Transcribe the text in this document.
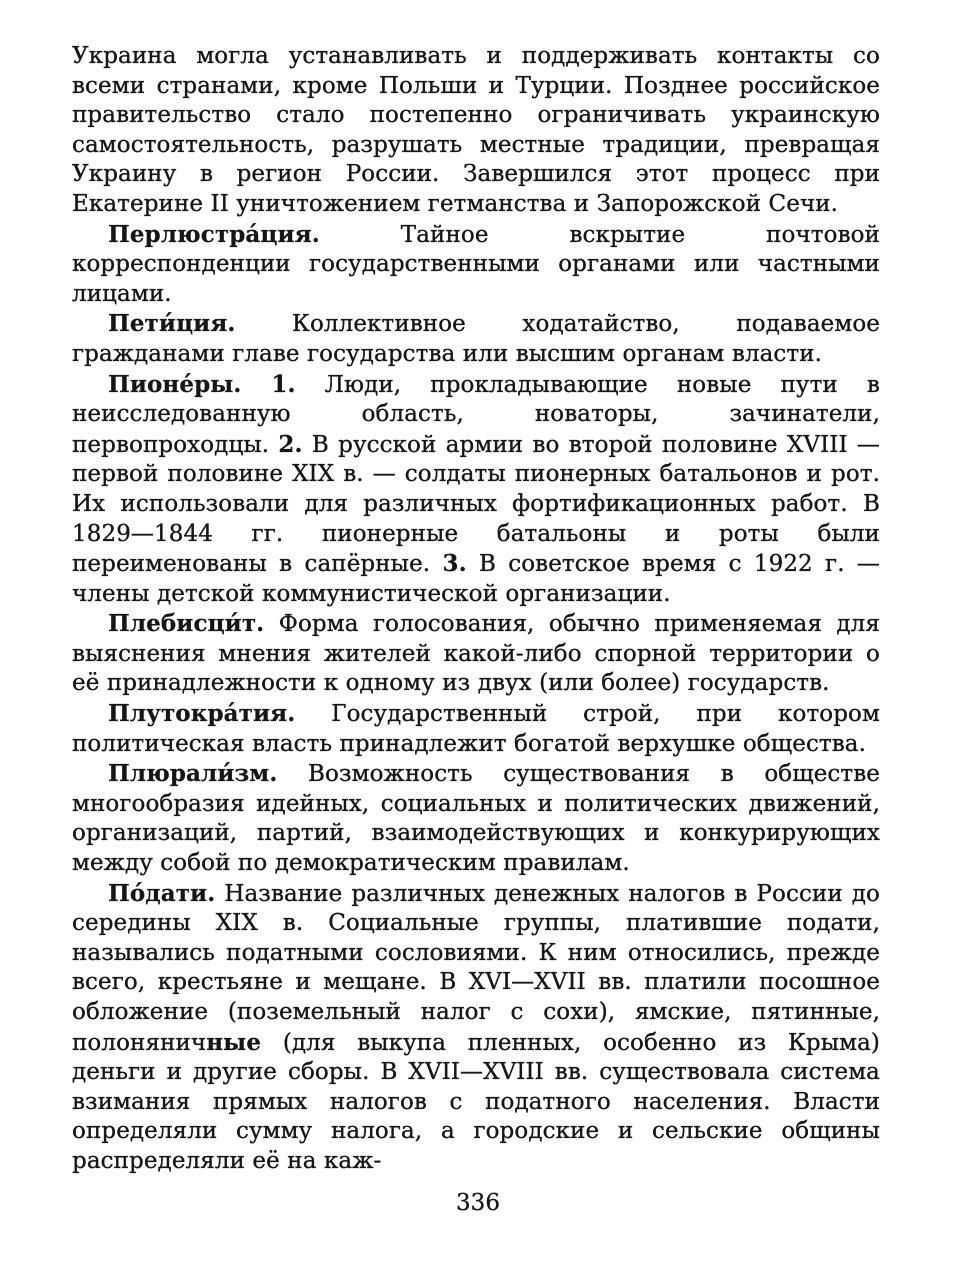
Украина могла устанавливать и поддерживать контакты со всеми странами, кроме Польши и Турции. Позднее российское правительство стало постепенно ограничивать украинскую самостоятельность, разрушать местные традиции, превращая Украину в регион России. Завершился этот процесс при Екатерине II уничтожением гетманства и Запорожской Сечи.

Перлюстра́ция. Тайное вскрытие почтовой корреспонденции государственными органами или частными лицами.

Пети́ция. Коллективное ходатайство, подаваемое гражданами главе государства или высшим органам власти.

Пионе́ры. 1. Люди, прокладывающие новые пути в неисследованную область, новаторы, зачинатели, первопроходцы. 2. В русской армии во второй половине XVIII — первой половине XIX в. — солдаты пионерных батальонов и рот. Их использовали для различных фортификационных работ. В 1829—1844 гг. пионерные батальоны и роты были переименованы в сапёрные. 3. В советское время с 1922 г. — члены детской коммунистической организации.

Плебисци́т. Форма голосования, обычно применяемая для выяснения мнения жителей какой-либо спорной территории о её принадлежности к одному из двух (или более) государств.

Плутокра́тия. Государственный строй, при котором политическая власть принадлежит богатой верхушке общества.

Плюрали́зм. Возможность существования в обществе многообразия идейных, социальных и политических движений, организаций, партий, взаимодействующих и конкурирующих между собой по демократическим правилам.

По́дати. Название различных денежных налогов в России до середины XIX в. Социальные группы, платившие подати, назывались податными сословиями. К ним относились, прежде всего, крестьяне и мещане. В XVI—XVII вв. платили посошное обложение (поземельный налог с сохи), ямские, пятинные, полоняничные (для выкупа пленных, особенно из Крыма) деньги и другие сборы. В XVII—XVIII вв. существовала система взимания прямых налогов с податного населения. Власти определяли сумму налога, а городские и сельские общины распределяли её на каж-

336
